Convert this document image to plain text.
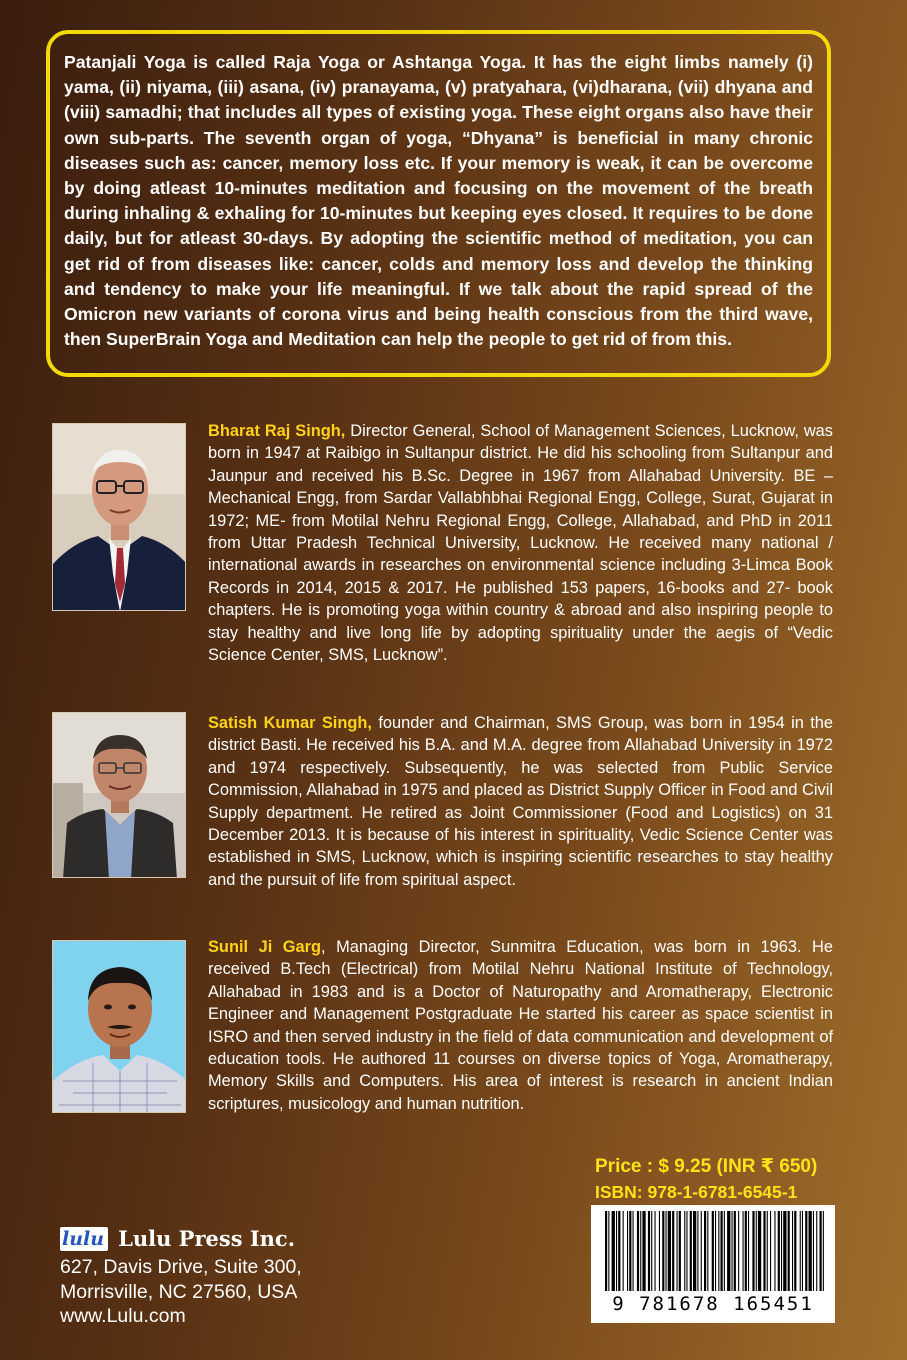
Patanjali Yoga is called Raja Yoga or Ashtanga Yoga. It has the eight limbs namely (i) yama, (ii) niyama, (iii) asana, (iv) pranayama, (v) pratyahara, (vi)dharana, (vii) dhyana and (viii) samadhi; that includes all types of existing yoga. These eight organs also have their own sub-parts. The seventh organ of yoga, “Dhyana” is beneficial in many chronic diseases such as: cancer, memory loss etc. If your memory is weak, it can be overcome by doing atleast 10-minutes meditation and focusing on the movement of the breath during inhaling & exhaling for 10-minutes but keeping eyes closed. It requires to be done daily, but for atleast 30-days. By adopting the scientific method of meditation, you can get rid of from diseases like: cancer, colds and memory loss and develop the thinking and tendency to make your life meaningful. If we talk about the rapid spread of the Omicron new variants of corona virus and being health conscious from the third wave, then SuperBrain Yoga and Meditation can help the people to get rid of from this.

Bharat Raj Singh, Director General, School of Management Sciences, Lucknow, was born in 1947 at Raibigo in Sultanpur district. He did his schooling from Sultanpur and Jaunpur and received his B.Sc. Degree in 1967 from Allahabad University. BE – Mechanical Engg, from Sardar Vallabhbhai Regional Engg, College, Surat, Gujarat in 1972; ME- from Motilal Nehru Regional Engg, College, Allahabad, and PhD in 2011 from Uttar Pradesh Technical University, Lucknow. He received many national / international awards in researches on environmental science including 3-Limca Book Records in 2014, 2015 & 2017. He published 153 papers, 16-books and 27- book chapters. He is promoting yoga within country & abroad and also inspiring people to stay healthy and live long life by adopting spirituality under the aegis of “Vedic Science Center, SMS, Lucknow”.

Satish Kumar Singh, founder and Chairman, SMS Group, was born in 1954 in the district Basti. He received his B.A. and M.A. degree from Allahabad University in 1972 and 1974 respectively. Subsequently, he was selected from Public Service Commission, Allahabad in 1975 and placed as District Supply Officer in Food and Civil Supply department. He retired as Joint Commissioner (Food and Logistics) on 31 December 2013. It is because of his interest in spirituality, Vedic Science Center was established in SMS, Lucknow, which is inspiring scientific researches to stay healthy and the pursuit of life from spiritual aspect.

Sunil Ji Garg, Managing Director, Sunmitra Education, was born in 1963. He received B.Tech (Electrical) from Motilal Nehru National Institute of Technology, Allahabad in 1983 and is a Doctor of Naturopathy and Aromatherapy, Electronic Engineer and Management Postgraduate He started his career as space scientist in ISRO and then served industry in the field of data communication and development of education tools. He authored 11 courses on diverse topics of Yoga, Aromatherapy, Memory Skills and Computers. His area of interest is research in ancient Indian scriptures, musicology and human nutrition.

Price : $ 9.25 (INR ₹ 650)

ISBN: 978-1-6781-6545-1

9 781678 165451
lulu Lulu Press Inc.

627, Davis Drive, Suite 300,

Morrisville, NC 27560, USA

www.Lulu.com
